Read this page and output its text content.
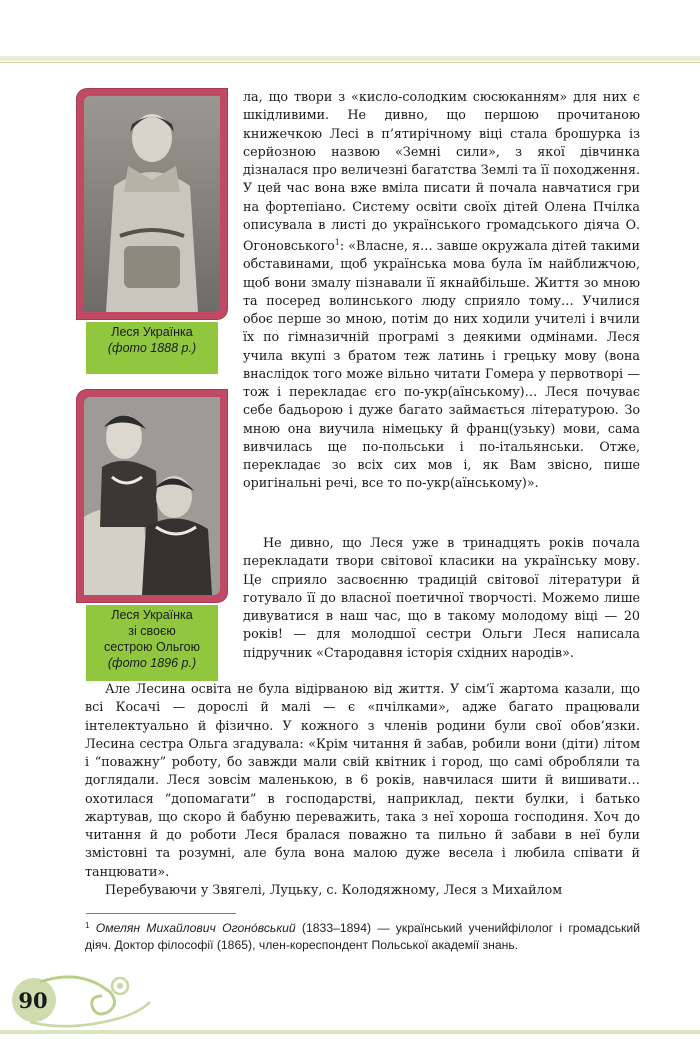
Леся Українка
(фото 1888 р.)
Леся Українка
зі своєю
сестрою Ольгою
(фото 1896 р.)

ла, що твори з «кисло-солодким сюсюканням» для них є шкідливими. Не дивно, що першою прочитаною книжечкою Лесі в п’ятирічному віці стала брошурка із серйозною назвою «Земні сили», з якої дівчинка дізналася про величезні багатства Землі та її походження. У цей час вона вже вміла писати й почала навчатися гри на фортепіано. Систему освіти своїх дітей Олена Пчілка описувала в листі до українського громадського діяча О. Огоновського$^1$: «Власне, я… завше окружала дітей такими обставинами, щоб українська мова була їм найближчою, щоб вони змалу пізнавали її якнайбільше. Життя зо мною та посеред волинського люду сприяло тому… Училися обоє перше зо мною, потім до них ходили учителі і вчили їх по гімназичній програмі з деякими одмінами. Леся учила вкупі з братом теж латинь і грецьку мову (вона внаслідок того може вільно читати Гомера у первотворі — тож і перекладає єго по-укр(аїнському)… Леся почуває себе бадьорою і дуже багато займається літературою. Зо мною она виучила німецьку й франц(узьку) мови, сама вивчилась ще по-польськи і по-італьянськи. Отже, перекладає зо всіх сих мов і, як Вам звісно, пише оригінальні речі, все то по-укр(аїнському)».

Не дивно, що Леся уже в тринадцять років почала перекладати твори світової класики на українську мову. Це сприяло засвоєнню традицій світової літератури й готувало її до власної поетичної творчості. Можемо лише дивуватися в наш час, що в такому молодому віці — 20 років! — для молодшої сестри Ольги Леся написала підручник «Стародавня історія східних народів».

Але Лесина освіта не була відірваною від життя. У сім’ї жартома казали, що всі Косачі — дорослі й малі — є «пчілками», адже багато працювали інтелектуально й фізично. У кожного з членів родини були свої обов’язки. Лесина сестра Ольга згадувала: «Крім читання й забав, робили вони (діти) літом і “поважну” роботу, бо завжди мали свій квітник і город, що самі обробляли та доглядали. Леся зовсім маленькою, в 6 років, навчилася шити й вишивати… охотилася “допомагати” в господарстві, наприклад, пекти булки, і батько жартував, що скоро й бабуню переважить, така з неї хороша господиня. Хоч до читання й до роботи Леся бралася поважно та пильно й забави в неї були змістовні та розумні, але була вона малою дуже весела і любила співати й танцювати».

Перебуваючи у Звягелі, Луцьку, с. Колодяжному, Леся з Михайлом

$^1$ Омелян Михайлович Огоно́вський (1833–1894) — український ученийфілолог і громадський діяч. Доктор філософії (1865), член-кореспондент Польської академії знань.

90
